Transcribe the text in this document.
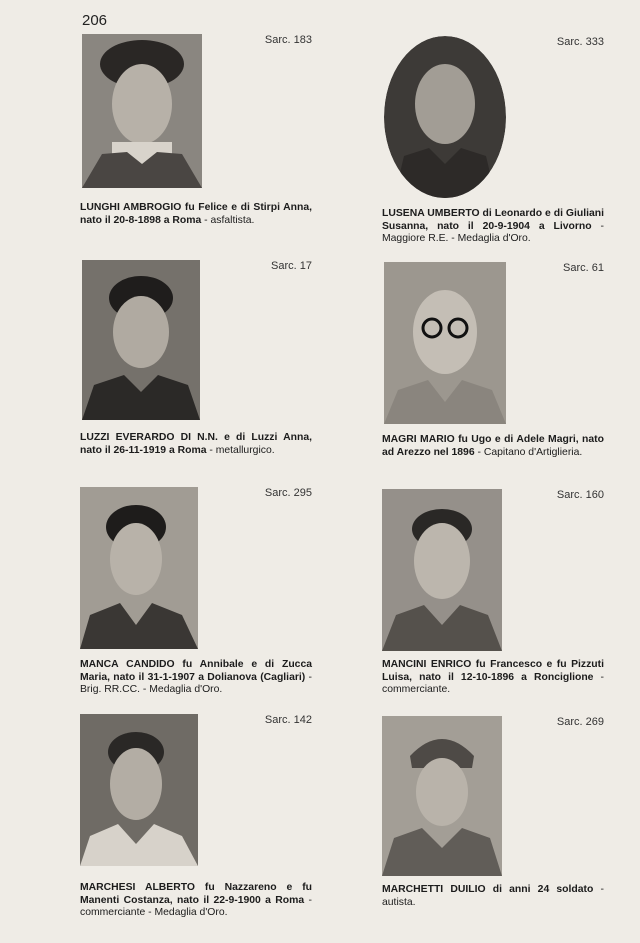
206
Sarc. 183
LUNGHI AMBROGIO fu Felice e di Stirpi Anna, nato il 20-8-1898 a Roma - asfaltista.
Sarc. 333
LUSENA UMBERTO di Leonardo e di Giuliani Susanna, nato il 20-9-1904 a Livorno - Maggiore R.E. - Medaglia d'Oro.
Sarc. 17
LUZZI EVERARDO DI N.N. e di Luzzi Anna, nato il 26-11-1919 a Roma - metallurgico.
Sarc. 61
MAGRI MARIO fu Ugo e di Adele Magri, nato ad Arezzo nel 1896 - Capitano d'Artiglieria.
Sarc. 295
MANCA CANDIDO fu Annibale e di Zucca Maria, nato il 31-1-1907 a Dolianova (Cagliari) - Brig. RR.CC. - Medaglia d'Oro.
Sarc. 160
MANCINI ENRICO fu Francesco e fu Pizzuti Luisa, nato il 12-10-1896 a Ronciglione - commerciante.
Sarc. 142
MARCHESI ALBERTO fu Nazzareno e fu Manenti Costanza, nato il 22-9-1900 a Roma - commerciante - Medaglia d'Oro.
Sarc. 269
MARCHETTI DUILIO di anni 24 soldato - autista.
